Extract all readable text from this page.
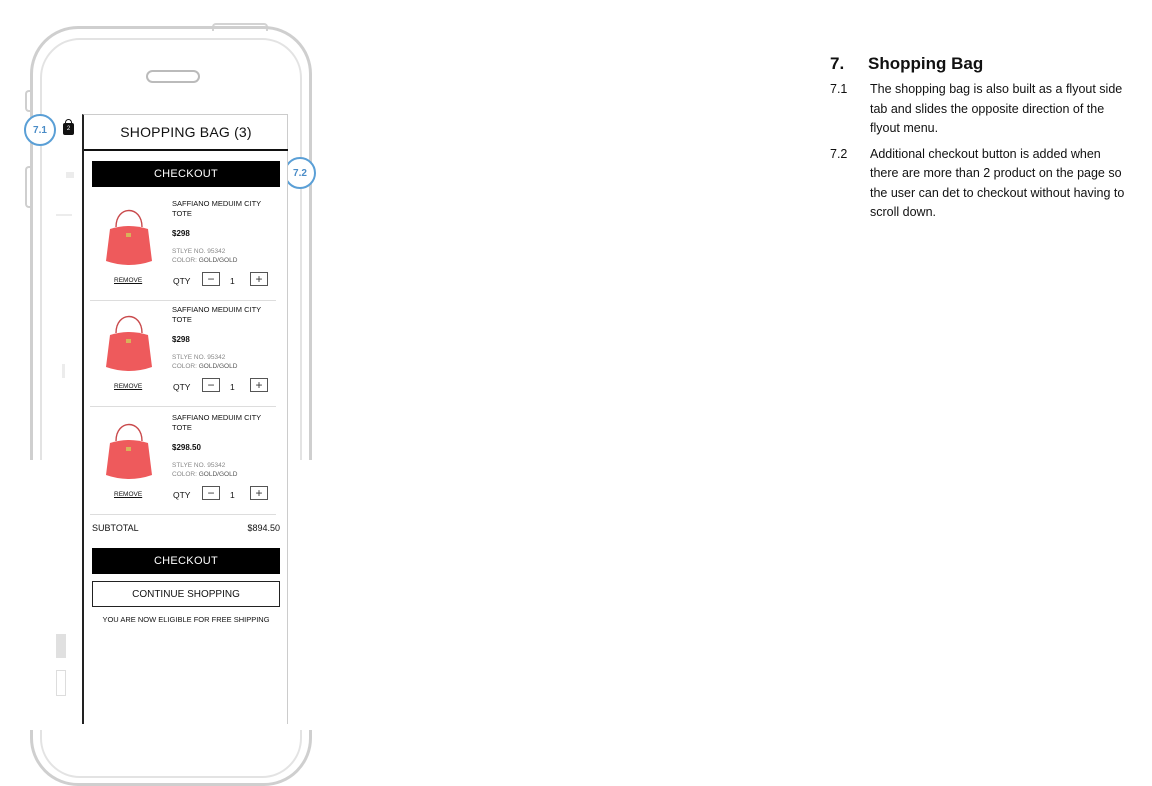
2
7.1
7.2
SHOPPING BAG (3)
CHECKOUT
REMOVE
SAFFIANO MEDUIM CITY TOTE
$298
STLYE NO. 95342
COLOR: GOLD/GOLD
QTY	−	1	+
REMOVE
SAFFIANO MEDUIM CITY TOTE
$298
STLYE NO. 95342
COLOR: GOLD/GOLD
QTY	−	1	+
REMOVE
SAFFIANO MEDUIM CITY TOTE
$298.50
STLYE NO. 95342
COLOR: GOLD/GOLD
QTY	−	1	+
SUBTOTAL	$894.50
CHECKOUT
CONTINUE SHOPPING
YOU ARE NOW ELIGIBLE FOR FREE SHIPPING
7.	Shopping Bag
7.1	The shopping bag is also built as a flyout side tab and slides the opposite direction of the flyout menu.
7.2	Additional checkout button is added when there are more than 2 product on the page so the user can det to checkout without having to scroll down.
